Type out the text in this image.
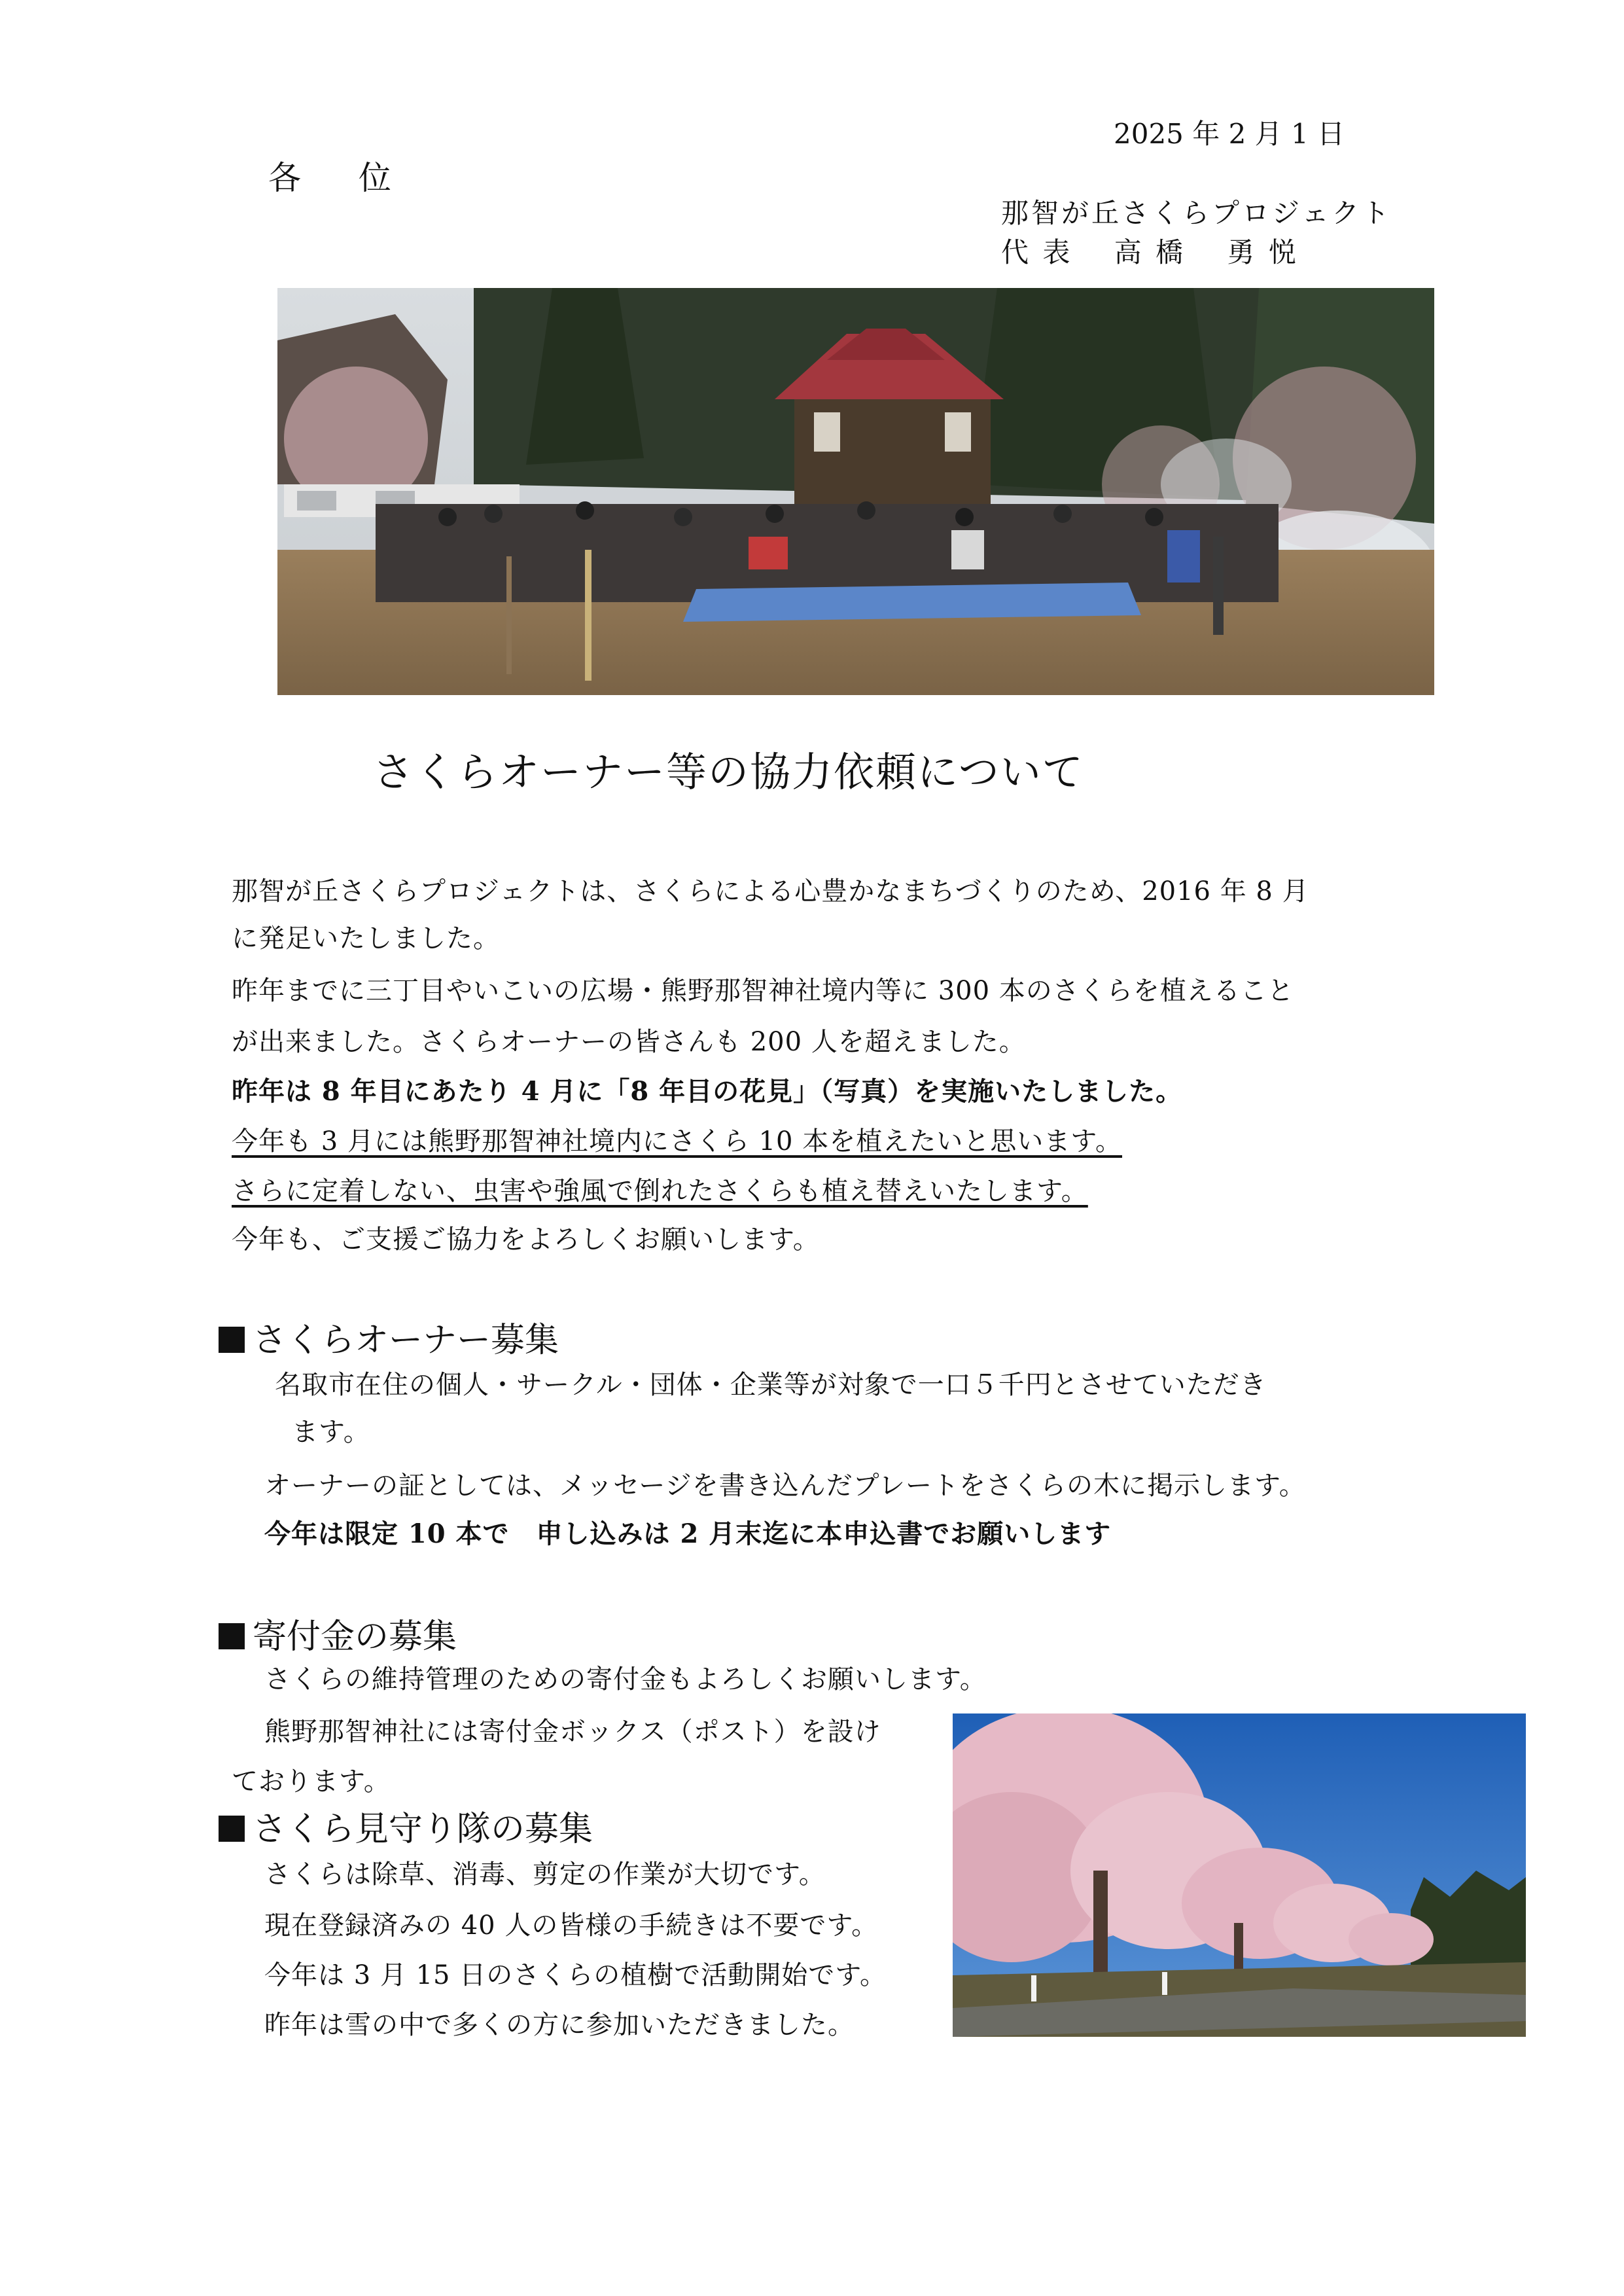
2025 年 2 月 1 日
各 位
那智が丘さくらプロジェクト
代 表　 高 橋　 勇 悦
さくらオーナー等の協力依頼について
那智が丘さくらプロジェクトは、さくらによる心豊かなまちづくりのため、2016 年 8 月
に発足いたしました。
昨年までに三丁目やいこいの広場・熊野那智神社境内等に 300 本のさくらを植えること
が出来ました。さくらオーナーの皆さんも 200 人を超えました。
昨年は 8 年目にあたり 4 月に「8 年目の花見」（写真）を実施いたしました。
今年も 3 月には熊野那智神社境内にさくら 10 本を植えたいと思います。
さらに定着しない、虫害や強風で倒れたさくらも植え替えいたします。
今年も、ご支援ご協力をよろしくお願いします。
さくらオーナー募集
名取市在住の個人・サークル・団体・企業等が対象で一口５千円とさせていただき
ます。
オーナーの証としては、メッセージを書き込んだプレートをさくらの木に掲示します。
今年は限定 10 本で　申し込みは 2 月末迄に本申込書でお願いします
寄付金の募集
さくらの維持管理のための寄付金もよろしくお願いします。
熊野那智神社には寄付金ボックス（ポスト）を設け
ております。
さくら見守り隊の募集
さくらは除草、消毒、剪定の作業が大切です。
現在登録済みの 40 人の皆様の手続きは不要です。
今年は 3 月 15 日のさくらの植樹で活動開始です。
昨年は雪の中で多くの方に参加いただきました。
